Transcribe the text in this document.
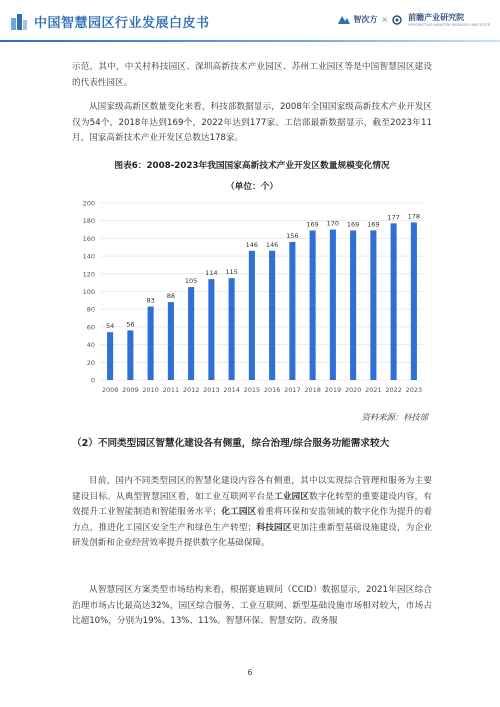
中国智慧园区行业发展白皮书	智次方 ×	前瞻产业研究院
PROSPECTIVE INDUSTRY RESEARCH INSTITUTE
示范，其中，中关村科技园区、深圳高新技术产业园区、苏州工业园区等是中国智慧园区建设的代表性园区。
从国家级高新区数量变化来看，科技部数据显示，2008年全国国家级高新技术产业开发区仅为54个，2018年达到169个，2022年达到177家。工信部最新数据显示，截至2023年11月，国家高新技术产业开发区总数达178家。
图表6：2008-2023年我国国家高新技术产业开发区数量规模变化情况
（单位：个）
0
20
40
60
80
100
120
140
160
180
200
54
2008
56
2009
83
2010
88
2011
105
2012
114
2013
115
2014
146
2015
146
2016
156
2017
169
2018
170
2019
169
2020
169
2021
177
2022
178
2023
资料来源：科技部
（2）不同类型园区智慧化建设各有侧重，综合治理/综合服务功能需求较大
目前，国内不同类型园区的智慧化建设内容各有侧重，其中以实现综合管理和服务为主要建设目标。从典型智慧园区看，如工业互联网平台是工业园区数字化转型的重要建设内容，有效提升工业智能制造和智能服务水平；化工园区着重将环保和安监领域的数字化作为提升的着力点，推进化工园区安全生产和绿色生产转型；科技园区更加注重新型基础设施建设，为企业研发创新和企业经营效率提升提供数字化基础保障。
从智慧园区方案类型市场结构来看，根据赛迪顾问（CCID）数据显示，2021年园区综合治理市场占比最高达32%，园区综合服务、工业互联网、新型基础设施市场相对较大，市场占比超10%，分别为19%、13%、11%。智慧环保、智慧安防、政务服
6
